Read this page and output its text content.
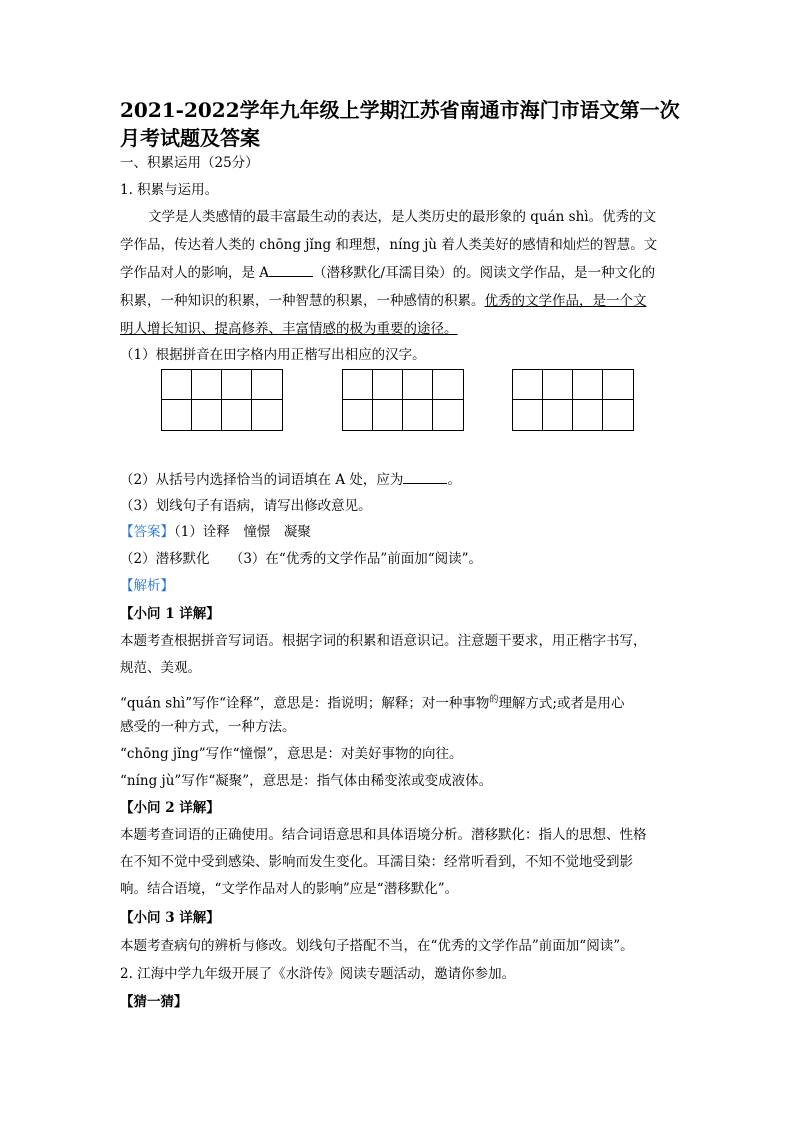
2021-2022学年九年级上学期江苏省南通市海门市语文第一次月考试题及答案
一、积累运用（25分）
1. 积累与运用。
文学是人类感情的最丰富最生动的表达，是人类历史的最形象的 quán shì。优秀的文
学作品，传达着人类的 chōng jǐng 和理想，níng jù 着人类美好的感情和灿烂的智慧。文
学作品对人的影响，是 A	（潜移默化/耳濡目染）的。阅读文学作品，是一种文化的
积累，一种知识的积累，一种智慧的积累，一种感情的积累。优秀的文学作品，是一个文
明人增长知识、提高修养、丰富情感的极为重要的途径。
（1）根据拼音在田字格内用正楷写出相应的汉字。
（2）从括号内选择恰当的词语填在 A 处，应为	。
（3）划线句子有语病，请写出修改意见。
【答案】（1）诠释　憧憬　凝聚
（2）潜移默化　　（3）在“优秀的文学作品”前面加“阅读”。
【解析】
【小问 1 详解】
本题考查根据拼音写词语。根据字词的积累和语意识记。注意题干要求，用正楷字书写，
规范、美观。
“quán shì”写作“诠释”，意思是：指说明；解释；对一种事物$^的$理解方式;或者是用心
感受的一种方式，一种方法。
“chōng jǐng”写作“憧憬”，意思是：对美好事物的向往。
“níng jù”写作“凝聚”，意思是：指气体由稀变浓或变成液体。
【小问 2 详解】
本题考查词语的正确使用。结合词语意思和具体语境分析。潜移默化：指人的思想、性格
在不知不觉中受到感染、影响而发生变化。耳濡目染：经常听看到，不知不觉地受到影
响。结合语境，“文学作品对人的影响”应是“潜移默化”。
【小问 3 详解】
本题考查病句的辨析与修改。划线句子搭配不当，在“优秀的文学作品”前面加“阅读”。
2. 江海中学九年级开展了《水浒传》阅读专题活动，邀请你参加。
【猜一猜】
